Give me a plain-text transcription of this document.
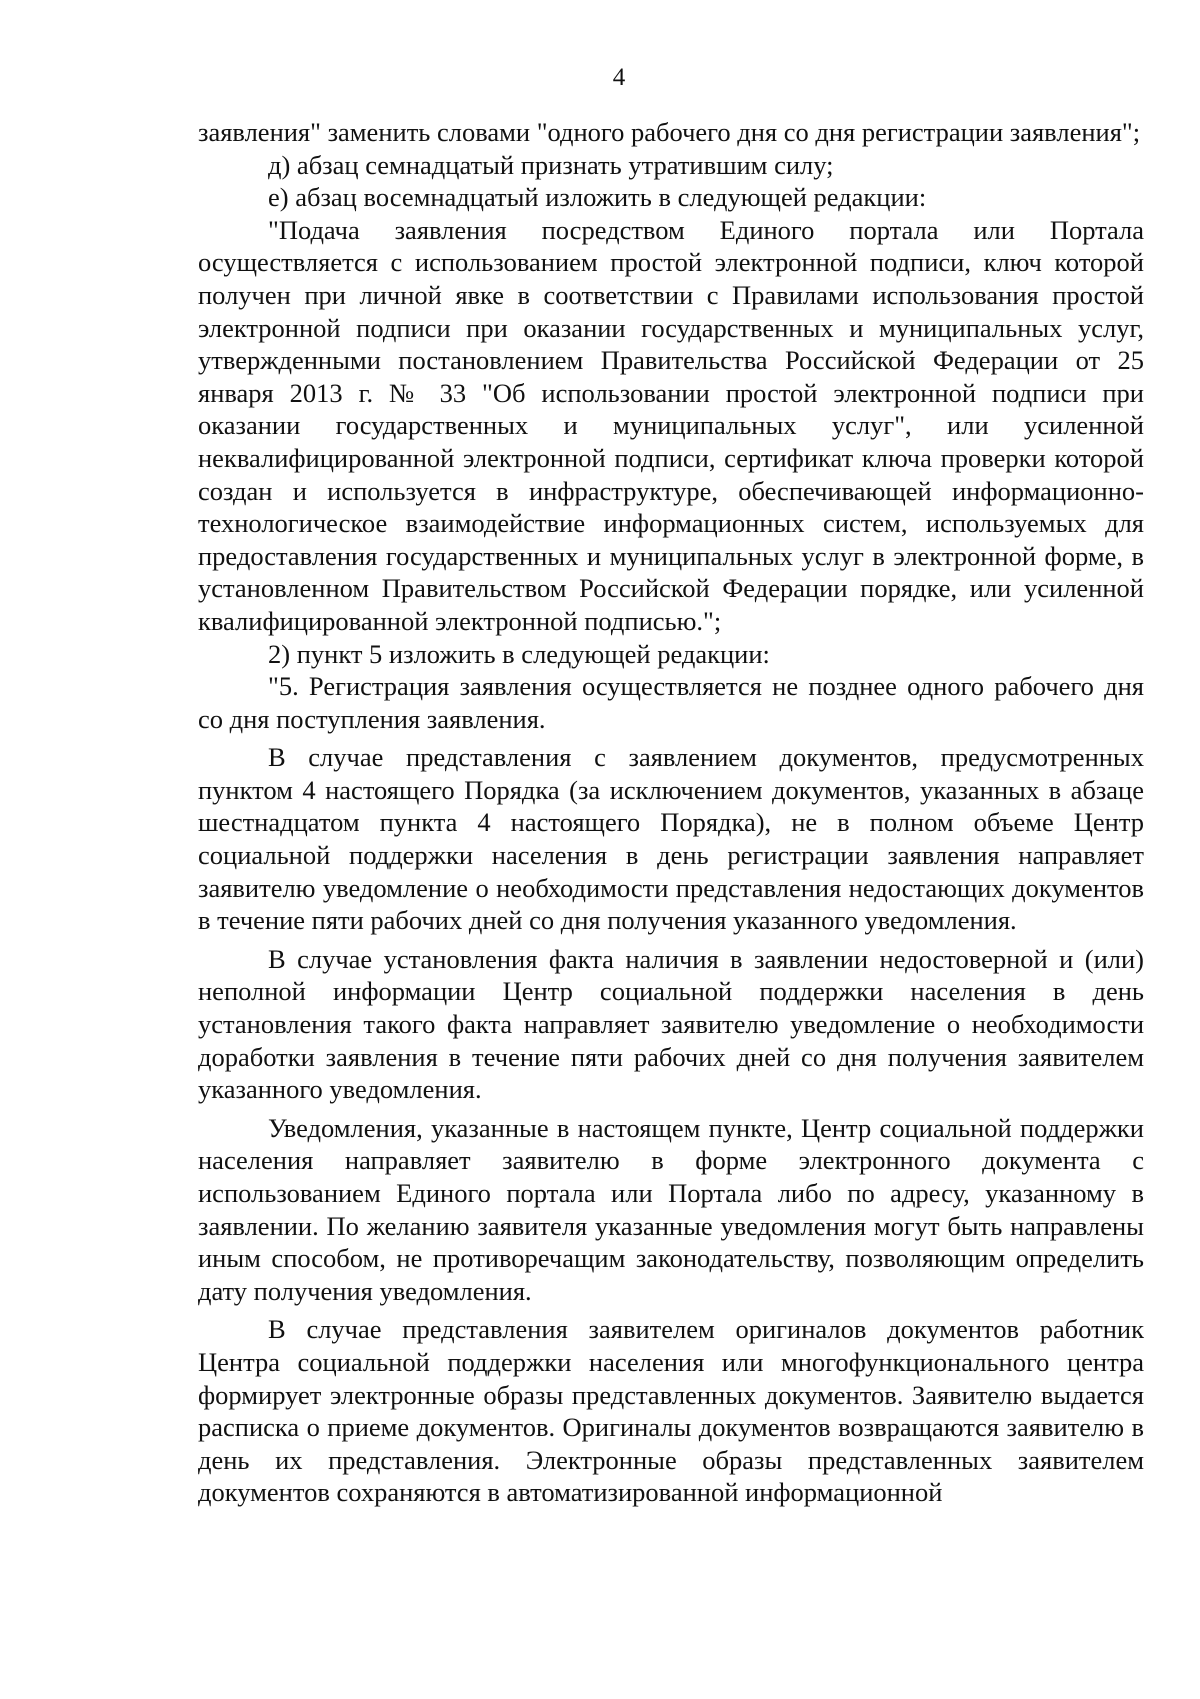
4

заявления" заменить словами "одного рабочего дня со дня регистрации заявления";

д) абзац семнадцатый признать утратившим силу;

е) абзац восемнадцатый изложить в следующей редакции:

"Подача заявления посредством Единого портала или Портала осуществляется с использованием простой электронной подписи, ключ которой получен при личной явке в соответствии с Правилами использования простой электронной подписи при оказании государственных и муниципальных услуг, утвержденными постановлением Правительства Российской Федерации от 25 января 2013 г. № 33 "Об использовании простой электронной подписи при оказании государственных и муниципальных услуг", или усиленной неквалифицированной электронной подписи, сертификат ключа проверки которой создан и используется в инфраструктуре, обеспечивающей информационно-технологическое взаимодействие информационных систем, используемых для предоставления государственных и муниципальных услуг в электронной форме, в установленном Правительством Российской Федерации порядке, или усиленной квалифицированной электронной подписью.";

2) пункт 5 изложить в следующей редакции:

"5. Регистрация заявления осуществляется не позднее одного рабочего дня со дня поступления заявления.

В случае представления с заявлением документов, предусмотренных пунктом 4 настоящего Порядка (за исключением документов, указанных в абзаце шестнадцатом пункта 4 настоящего Порядка), не в полном объеме Центр социальной поддержки населения в день регистрации заявления направляет заявителю уведомление о необходимости представления недостающих документов в течение пяти рабочих дней со дня получения указанного уведомления.

В случае установления факта наличия в заявлении недостоверной и (или) неполной информации Центр социальной поддержки населения в день установления такого факта направляет заявителю уведомление о необходимости доработки заявления в течение пяти рабочих дней со дня получения заявителем указанного уведомления.

Уведомления, указанные в настоящем пункте, Центр социальной поддержки населения направляет заявителю в форме электронного документа с использованием Единого портала или Портала либо по адресу, указанному в заявлении. По желанию заявителя указанные уведомления могут быть направлены иным способом, не противоречащим законодательству, позволяющим определить дату получения уведомления.

В случае представления заявителем оригиналов документов работник Центра социальной поддержки населения или многофункционального центра формирует электронные образы представленных документов. Заявителю выдается расписка о приеме документов. Оригиналы документов возвращаются заявителю в день их представления. Электронные образы представленных заявителем документов сохраняются в автоматизированной информационной
